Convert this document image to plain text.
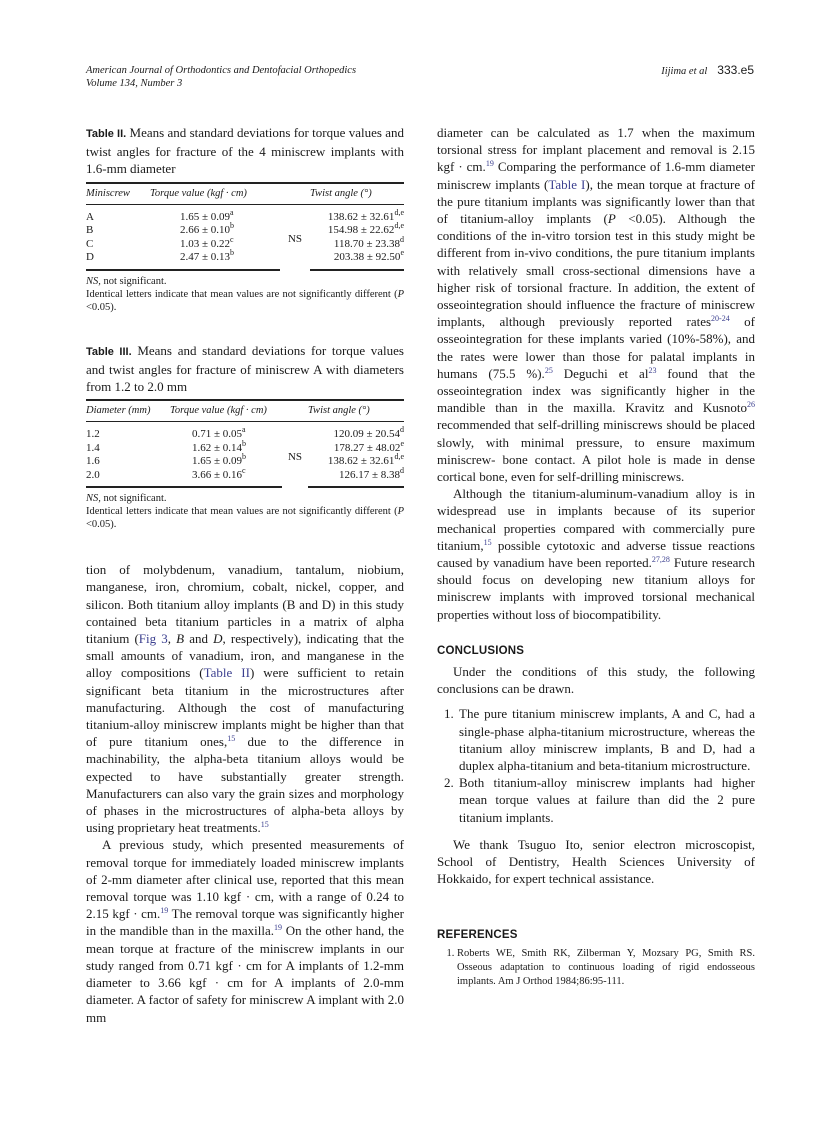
American Journal of Orthodontics and Dentofacial Orthopedics
Volume 134, Number 3
Iijima et al 333.e5
Table II. Means and standard deviations for torque values and twist angles for fracture of the 4 miniscrew implants with 1.6-mm diameter
Miniscrew	Torque value (kgf · cm)		Twist angle (°)
A	1.65 ± 0.09$^a$	NS	$138.62 \pm 32.61^{d,e}$
B	2.66 ± 0.10$^b$		$154.98 \pm 22.62^{d,e}$
C	1.03 ± 0.22$^c$		118.70 ± 23.38$^d$
D	2.47 ± 0.13$^b$		203.38 ± 92.50$^e$
NS, not significant.
Identical letters indicate that mean values are not significantly different (P <0.05).
Table III. Means and standard deviations for torque values and twist angles for fracture of miniscrew A with diameters from 1.2 to 2.0 mm
Diameter (mm)	Torque value (kgf · cm)		Twist angle (°)
1.2	0.71 ± 0.05$^a$	NS	120.09 ± 20.54$^d$
1.4	1.62 ± 0.14$^b$		178.27 ± 48.02$^e$
1.6	1.65 ± 0.09$^b$		$138.62 \pm 32.61^{d,e}$
2.0	3.66 ± 0.16$^c$		126.17 ± 8.38$^d$
NS, not significant.
Identical letters indicate that mean values are not significantly different (P <0.05).

tion of molybdenum, vanadium, tantalum, niobium, manganese, iron, chromium, cobalt, nickel, copper, and silicon. Both titanium alloy implants (B and D) in this study contained beta titanium particles in a matrix of alpha titanium (Fig 3, B and D, respectively), indicating that the small amounts of vanadium, iron, and manganese in the alloy compositions (Table II) were sufficient to retain significant beta titanium in the microstructures after manufacturing. Although the cost of manufacturing titanium-alloy miniscrew implants might be higher than that of pure titanium ones,$^{15}$ due to the difference in machinability, the alpha-beta titanium alloys would be expected to have substantially greater strength. Manufacturers can also vary the grain sizes and morphology of phases in the microstructures of alpha-beta alloys by using proprietary heat treatments.$^{15}$

A previous study, which presented measurements of removal torque for immediately loaded miniscrew implants of 2-mm diameter after clinical use, reported that this mean removal torque was 1.10 kgf · cm, with a range of 0.24 to 2.15 kgf · cm.$^{19}$ The removal torque was significantly higher in the mandible than in the maxilla.$^{19}$ On the other hand, the mean torque at fracture of the miniscrew implants in our study ranged from 0.71 kgf · cm for A implants of 1.2-mm diameter to 3.66 kgf · cm for A implants of 2.0-mm diameter. A factor of safety for miniscrew A implant with 2.0 mm

diameter can be calculated as 1.7 when the maximum torsional stress for implant placement and removal is 2.15 kgf · cm.$^{19}$ Comparing the performance of 1.6-mm diameter miniscrew implants (Table I), the mean torque at fracture of the pure titanium implants was significantly lower than that of titanium-alloy implants (P <0.05). Although the conditions of the in-vitro torsion test in this study might be different from in-vivo conditions, the pure titanium implants with relatively small cross-sectional dimensions have a higher risk of torsional fracture. In addition, the extent of osseointegration should influence the fracture of miniscrew implants, although previously reported rates$^{20-24}$ of osseointegration for these implants varied (10%-58%), and the rates were lower than those for palatal implants in humans (75.5 %).$^{25}$ Deguchi et $al^{23}$ found that the osseointegration index was significantly higher in the mandible than in the maxilla. Kravitz and Kusnoto$^{26}$ recommended that self-drilling miniscrews should be placed slowly, with minimal pressure, to ensure maximum miniscrew- bone contact. A pilot hole is made in dense cortical bone, even for self-drilling miniscrews.

Although the titanium-aluminum-vanadium alloy is in widespread use in implants because of its superior mechanical properties compared with commercially pure titanium,$^{15}$ possible cytotoxic and adverse tissue reactions caused by vanadium have been reported.$^{27,28}$ Future research should focus on developing new titanium alloys for miniscrew implants with improved torsional mechanical properties without loss of biocompatibility.

CONCLUSIONS

Under the conditions of this study, the following conclusions can be drawn.

1. The pure titanium miniscrew implants, A and C, had a single-phase alpha-titanium microstructure, whereas the titanium alloy miniscrew implants, B and D, had a duplex alpha-titanium and beta-titanium microstructure.
2. Both titanium-alloy miniscrew implants had higher mean torque values at failure than did the 2 pure titanium implants.

We thank Tsuguo Ito, senior electron microscopist, School of Dentistry, Health Sciences University of Hokkaido, for expert technical assistance.

REFERENCES
1. Roberts WE, Smith RK, Zilberman Y, Mozsary PG, Smith RS. Osseous adaptation to continuous loading of rigid endosseous implants. Am J Orthod 1984;86:95-111.
